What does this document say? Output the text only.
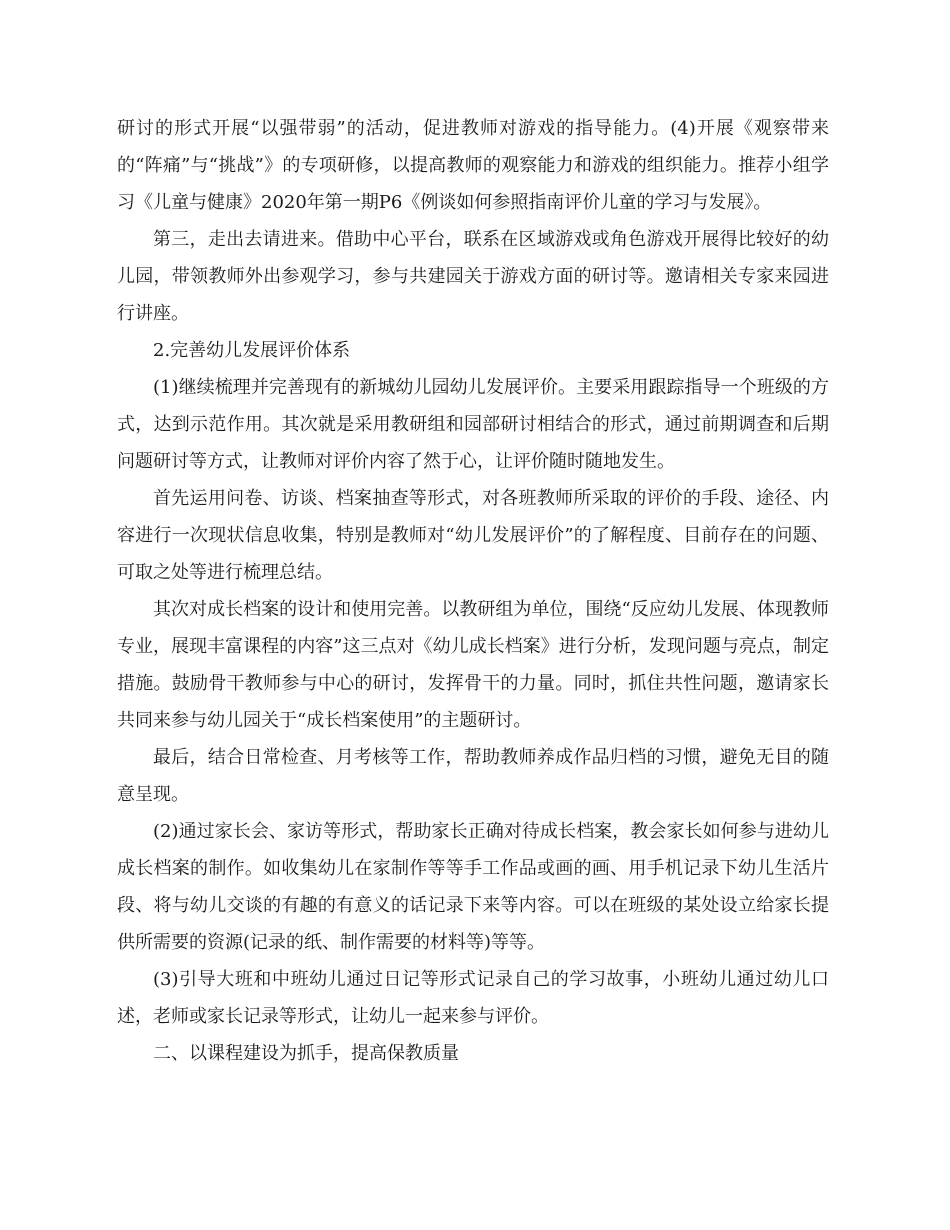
研讨的形式开展“以强带弱”的活动，促进教师对游戏的指导能力。(4)开展《观察带来的“阵痛”与“挑战”》的专项研修，以提高教师的观察能力和游戏的组织能力。推荐小组学习《儿童与健康》2020年第一期P6《例谈如何参照指南评价儿童的学习与发展》。

第三，走出去请进来。借助中心平台，联系在区域游戏或角色游戏开展得比较好的幼儿园，带领教师外出参观学习，参与共建园关于游戏方面的研讨等。邀请相关专家来园进行讲座。

2.完善幼儿发展评价体系

(1)继续梳理并完善现有的新城幼儿园幼儿发展评价。主要采用跟踪指导一个班级的方式，达到示范作用。其次就是采用教研组和园部研讨相结合的形式，通过前期调查和后期问题研讨等方式，让教师对评价内容了然于心，让评价随时随地发生。

首先运用问卷、访谈、档案抽查等形式，对各班教师所采取的评价的手段、途径、内容进行一次现状信息收集，特别是教师对“幼儿发展评价”的了解程度、目前存在的问题、可取之处等进行梳理总结。

其次对成长档案的设计和使用完善。以教研组为单位，围绕“反应幼儿发展、体现教师专业，展现丰富课程的内容”这三点对《幼儿成长档案》进行分析，发现问题与亮点，制定措施。鼓励骨干教师参与中心的研讨，发挥骨干的力量。同时，抓住共性问题，邀请家长共同来参与幼儿园关于“成长档案使用”的主题研讨。

最后，结合日常检查、月考核等工作，帮助教师养成作品归档的习惯，避免无目的随意呈现。

(2)通过家长会、家访等形式，帮助家长正确对待成长档案，教会家长如何参与进幼儿成长档案的制作。如收集幼儿在家制作等等手工作品或画的画、用手机记录下幼儿生活片段、将与幼儿交谈的有趣的有意义的话记录下来等内容。可以在班级的某处设立给家长提供所需要的资源(记录的纸、制作需要的材料等)等等。

(3)引导大班和中班幼儿通过日记等形式记录自己的学习故事，小班幼儿通过幼儿口述，老师或家长记录等形式，让幼儿一起来参与评价。

二、以课程建设为抓手，提高保教质量
